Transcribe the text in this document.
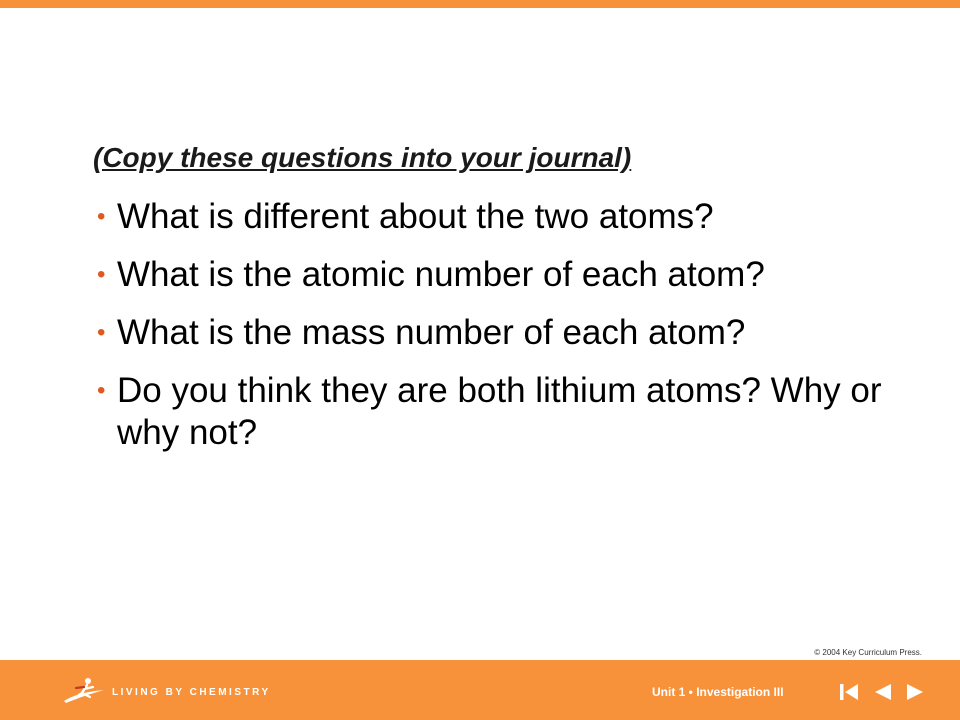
(Copy these questions into your journal)
• What is different about the two atoms?
• What is the atomic number of each atom?
• What is the mass number of each atom?
• Do you think they are both lithium atoms? Why or why not?
© 2004 Key Curriculum Press.
LIVING BY CHEMISTRY	Unit 1 • Investigation III
